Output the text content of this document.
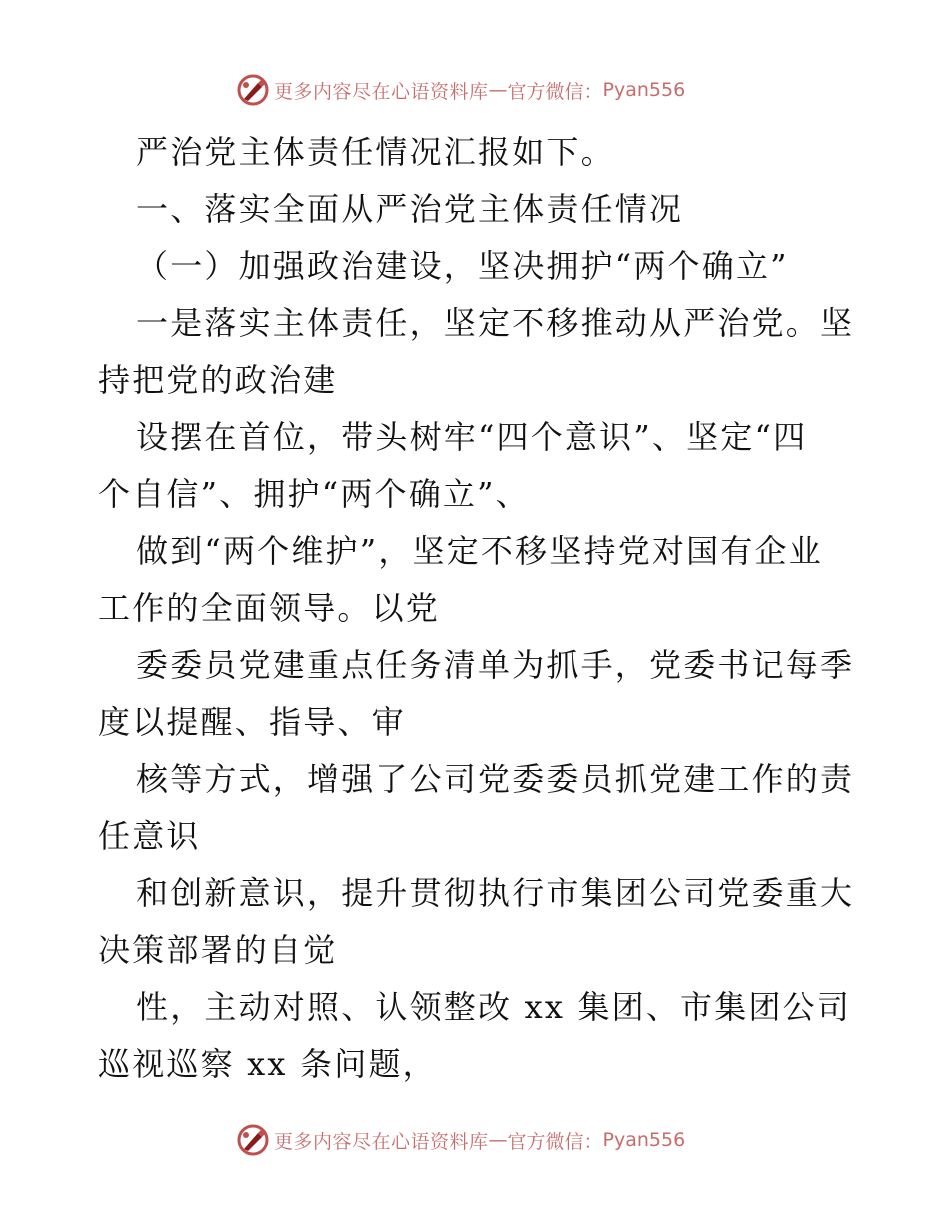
更多内容尽在心语资料库 — 官方微信： Pyan556
严治党主体责任情况汇报如下。
一、落实全面从严治党主体责任情况
（一）加强政治建设，坚决拥护“两个确立”
一是落实主体责任，坚定不移推动从严治党。坚
持把党的政治建
设摆在首位，带头树牢“四个意识”、坚定“四
个自信”、拥护“两个确立”、
做到“两个维护”，坚定不移坚持党对国有企业
工作的全面领导。以党
委委员党建重点任务清单为抓手，党委书记每季
度以提醒、指导、审
核等方式，增强了公司党委委员抓党建工作的责
任意识
和创新意识，提升贯彻执行市集团公司党委重大
决策部署的自觉
性，主动对照、认领整改 xx 集团、市集团公司
巡视巡察 xx 条问题，
更多内容尽在心语资料库 — 官方微信： Pyan556
